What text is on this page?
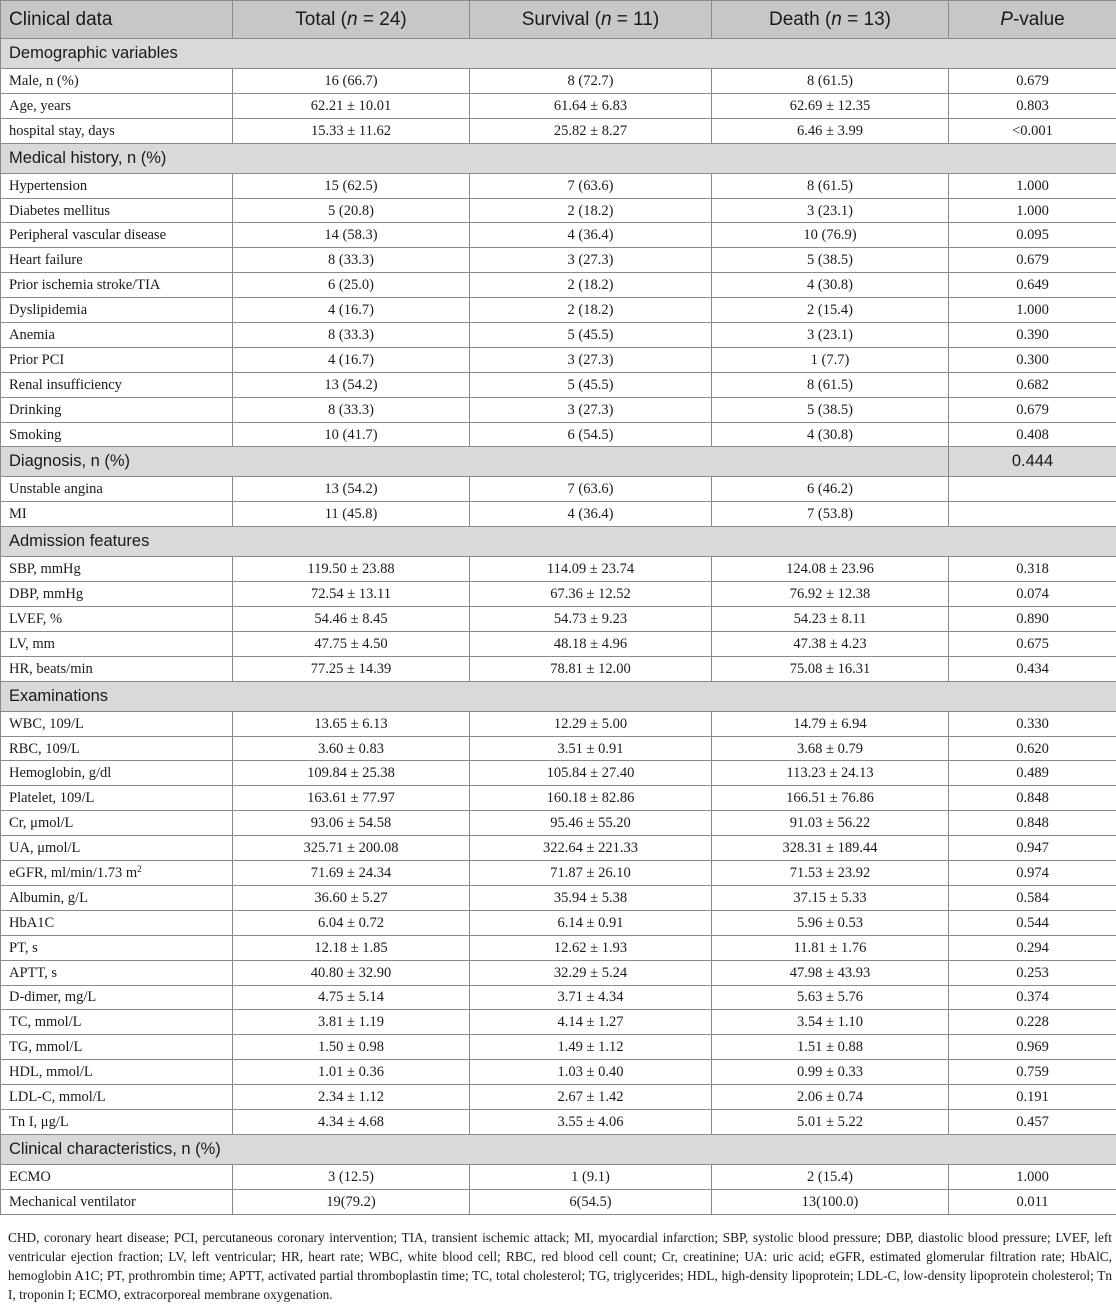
Clinical data	Total (n = 24)	Survival (n = 11)	Death (n = 13)	P-value
Demographic variables				
Male, n (%)	16 (66.7)	8 (72.7)	8 (61.5)	0.679
Age, years	62.21 ± 10.01	61.64 ± 6.83	62.69 ± 12.35	0.803
hospital stay, days	15.33 ± 11.62	25.82 ± 8.27	6.46 ± 3.99	<0.001
Medical history, n (%)				
Hypertension	15 (62.5)	7 (63.6)	8 (61.5)	1.000
Diabetes mellitus	5 (20.8)	2 (18.2)	3 (23.1)	1.000
Peripheral vascular disease	14 (58.3)	4 (36.4)	10 (76.9)	0.095
Heart failure	8 (33.3)	3 (27.3)	5 (38.5)	0.679
Prior ischemia stroke/TIA	6 (25.0)	2 (18.2)	4 (30.8)	0.649
Dyslipidemia	4 (16.7)	2 (18.2)	2 (15.4)	1.000
Anemia	8 (33.3)	5 (45.5)	3 (23.1)	0.390
Prior PCI	4 (16.7)	3 (27.3)	1 (7.7)	0.300
Renal insufficiency	13 (54.2)	5 (45.5)	8 (61.5)	0.682
Drinking	8 (33.3)	3 (27.3)	5 (38.5)	0.679
Smoking	10 (41.7)	6 (54.5)	4 (30.8)	0.408
Diagnosis, n (%)				0.444
Unstable angina	13 (54.2)	7 (63.6)	6 (46.2)	
MI	11 (45.8)	4 (36.4)	7 (53.8)	
Admission features				
SBP, mmHg	119.50 ± 23.88	114.09 ± 23.74	124.08 ± 23.96	0.318
DBP, mmHg	72.54 ± 13.11	67.36 ± 12.52	76.92 ± 12.38	0.074
LVEF, %	54.46 ± 8.45	54.73 ± 9.23	54.23 ± 8.11	0.890
LV, mm	47.75 ± 4.50	48.18 ± 4.96	47.38 ± 4.23	0.675
HR, beats/min	77.25 ± 14.39	78.81 ± 12.00	75.08 ± 16.31	0.434
Examinations				
WBC, 109/L	13.65 ± 6.13	12.29 ± 5.00	14.79 ± 6.94	0.330
RBC, 109/L	3.60 ± 0.83	3.51 ± 0.91	3.68 ± 0.79	0.620
Hemoglobin, g/dl	109.84 ± 25.38	105.84 ± 27.40	113.23 ± 24.13	0.489
Platelet, 109/L	163.61 ± 77.97	160.18 ± 82.86	166.51 ± 76.86	0.848
Cr, μmol/L	93.06 ± 54.58	95.46 ± 55.20	91.03 ± 56.22	0.848
UA, μmol/L	325.71 ± 200.08	322.64 ± 221.33	328.31 ± 189.44	0.947
eGFR, ml/min/1.73 $m^2$	71.69 ± 24.34	71.87 ± 26.10	71.53 ± 23.92	0.974
Albumin, g/L	36.60 ± 5.27	35.94 ± 5.38	37.15 ± 5.33	0.584
HbA1C	6.04 ± 0.72	6.14 ± 0.91	5.96 ± 0.53	0.544
PT, s	12.18 ± 1.85	12.62 ± 1.93	11.81 ± 1.76	0.294
APTT, s	40.80 ± 32.90	32.29 ± 5.24	47.98 ± 43.93	0.253
D-dimer, mg/L	4.75 ± 5.14	3.71 ± 4.34	5.63 ± 5.76	0.374
TC, mmol/L	3.81 ± 1.19	4.14 ± 1.27	3.54 ± 1.10	0.228
TG, mmol/L	1.50 ± 0.98	1.49 ± 1.12	1.51 ± 0.88	0.969
HDL, mmol/L	1.01 ± 0.36	1.03 ± 0.40	0.99 ± 0.33	0.759
LDL-C, mmol/L	2.34 ± 1.12	2.67 ± 1.42	2.06 ± 0.74	0.191
Tn I, μg/L	4.34 ± 4.68	3.55 ± 4.06	5.01 ± 5.22	0.457
Clinical characteristics, n (%)				
ECMO	3 (12.5)	1 (9.1)	2 (15.4)	1.000
Mechanical ventilator	19(79.2)	6(54.5)	13(100.0)	0.011
CHD, coronary heart disease; PCI, percutaneous coronary intervention; TIA, transient ischemic attack; MI, myocardial infarction; SBP, systolic blood pressure; DBP, diastolic blood pressure; LVEF, left ventricular ejection fraction; LV, left ventricular; HR, heart rate; WBC, white blood cell; RBC, red blood cell count; Cr, creatinine; UA: uric acid; eGFR, estimated glomerular filtration rate; HbAlC, hemoglobin A1C; PT, prothrombin time; APTT, activated partial thromboplastin time; TC, total cholesterol; TG, triglycerides; HDL, high-density lipoprotein; LDL-C, low-density lipoprotein cholesterol; Tn I, troponin I; ECMO, extracorporeal membrane oxygenation.
